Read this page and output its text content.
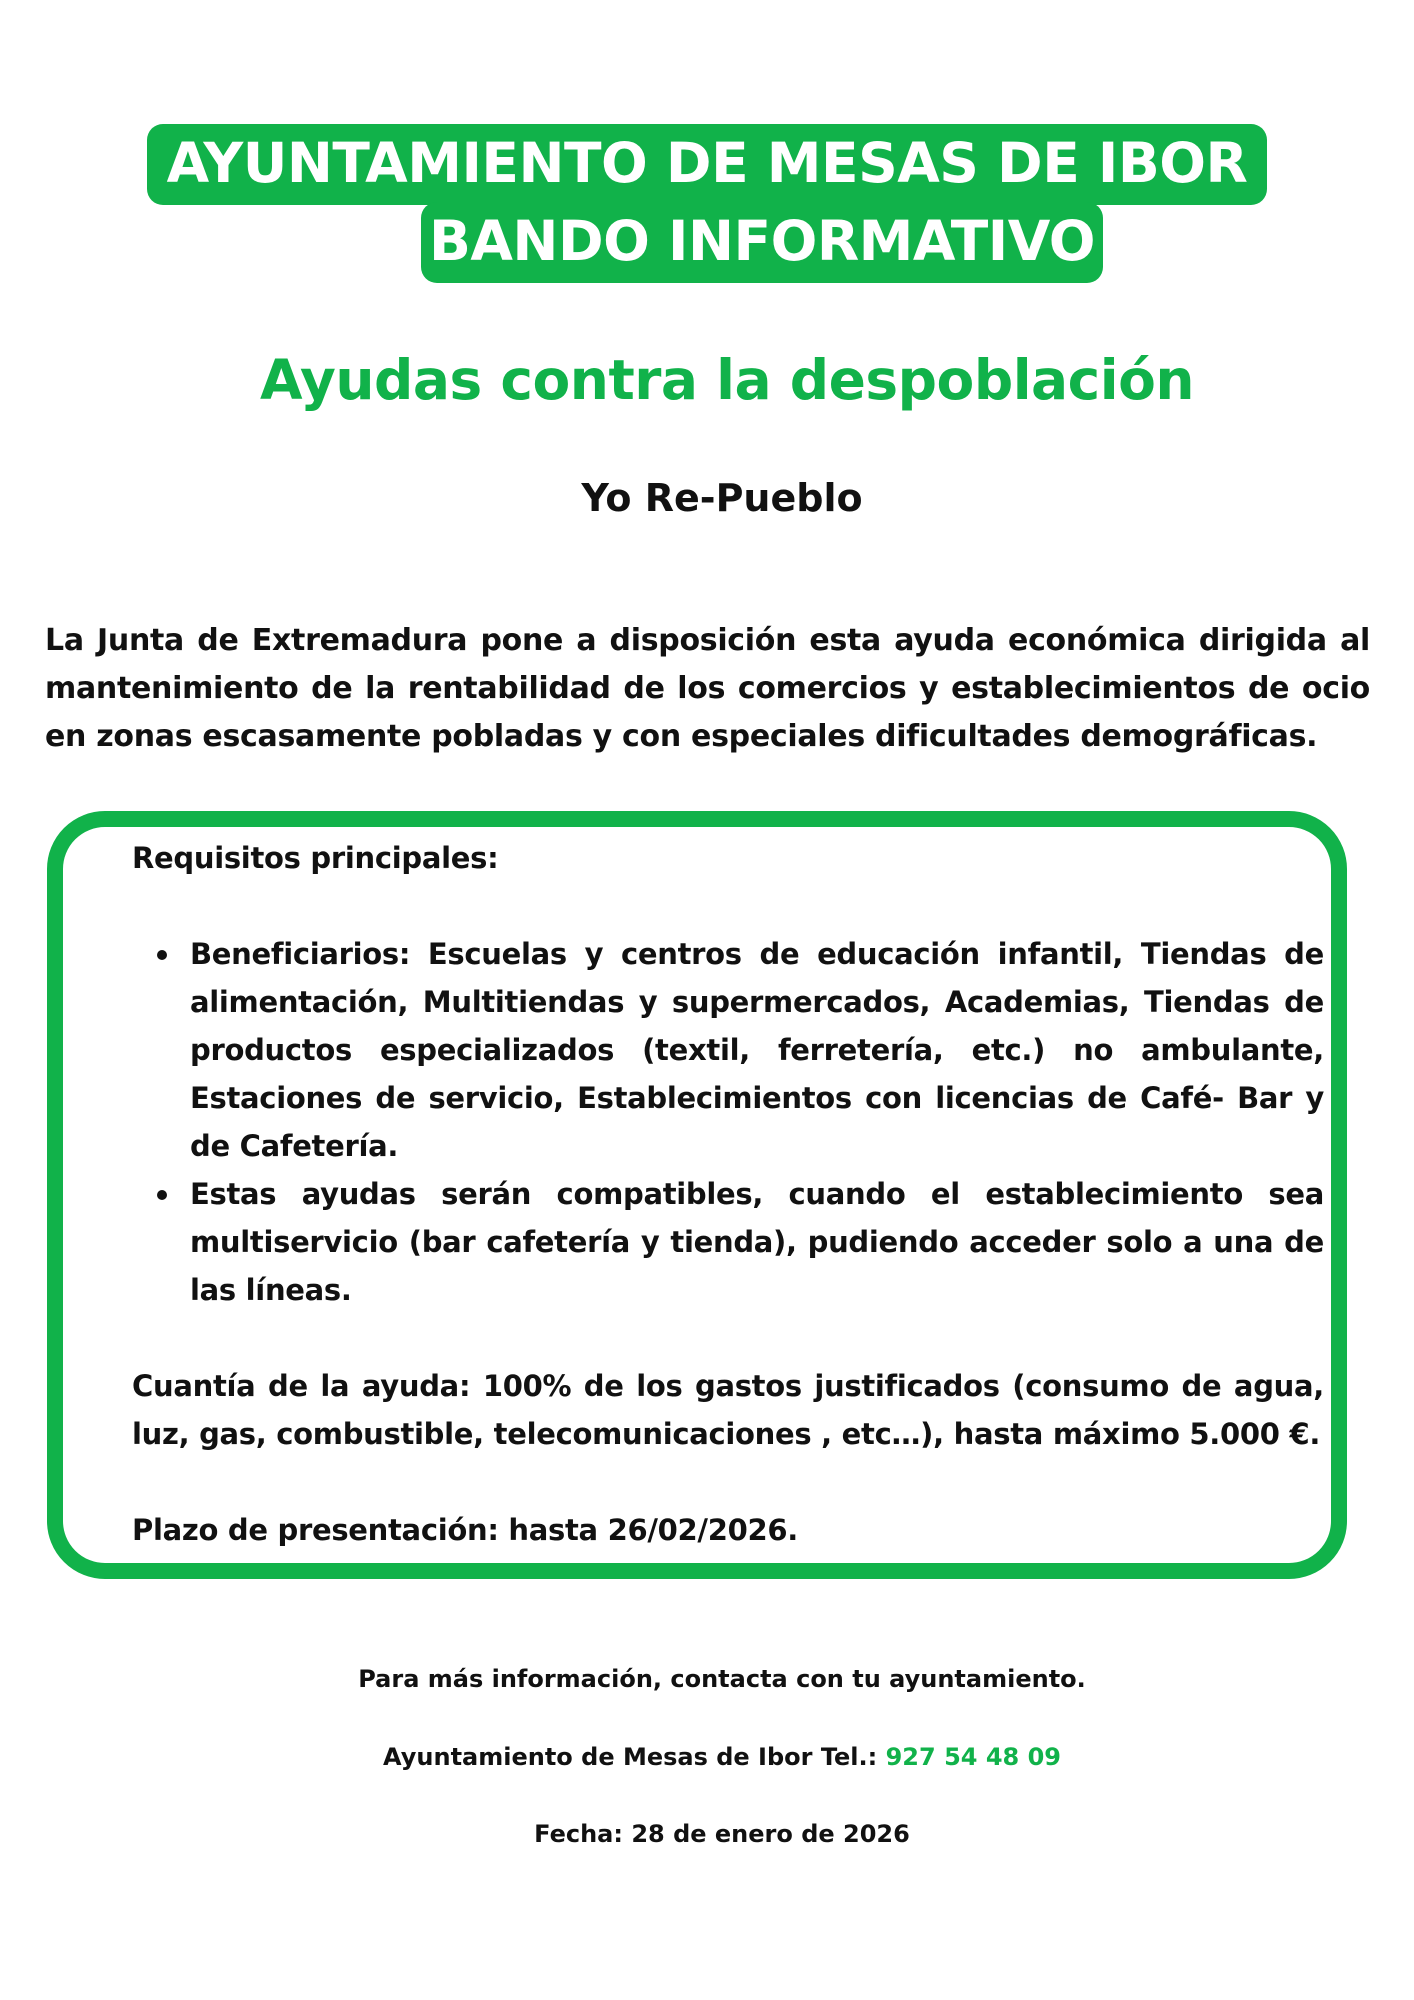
AYUNTAMIENTO DE MESAS DE IBOR
BANDO INFORMATIVO
Ayudas contra la despoblación
Yo Re-Pueblo
La Junta de Extremadura pone a disposición esta ayuda económica dirigida al mantenimiento de la rentabilidad de los comercios y establecimientos de ocio en zonas escasamente pobladas y con especiales dificultades demográficas.

Requisitos principales:

Beneficiarios: Escuelas y centros de educación infantil, Tiendas de alimentación, Multitiendas y supermercados, Academias, Tiendas de productos especializados (textil, ferretería, etc.) no ambulante, Estaciones de servicio, Establecimientos con licencias de Café- Bar y de Cafetería.
Estas ayudas serán compatibles, cuando el establecimiento sea multiservicio (bar cafetería y tienda), pudiendo acceder solo a una de las líneas.

Cuantía de la ayuda: 100% de los gastos justificados (consumo de agua, luz, gas, combustible, telecomunicaciones , etc…), hasta máximo 5.000 €.

Plazo de presentación: hasta 26/02/2026.

Para más información, contacta con tu ayuntamiento.
Ayuntamiento de Mesas de Ibor Tel.: 927 54 48 09
Fecha: 28 de enero de 2026
